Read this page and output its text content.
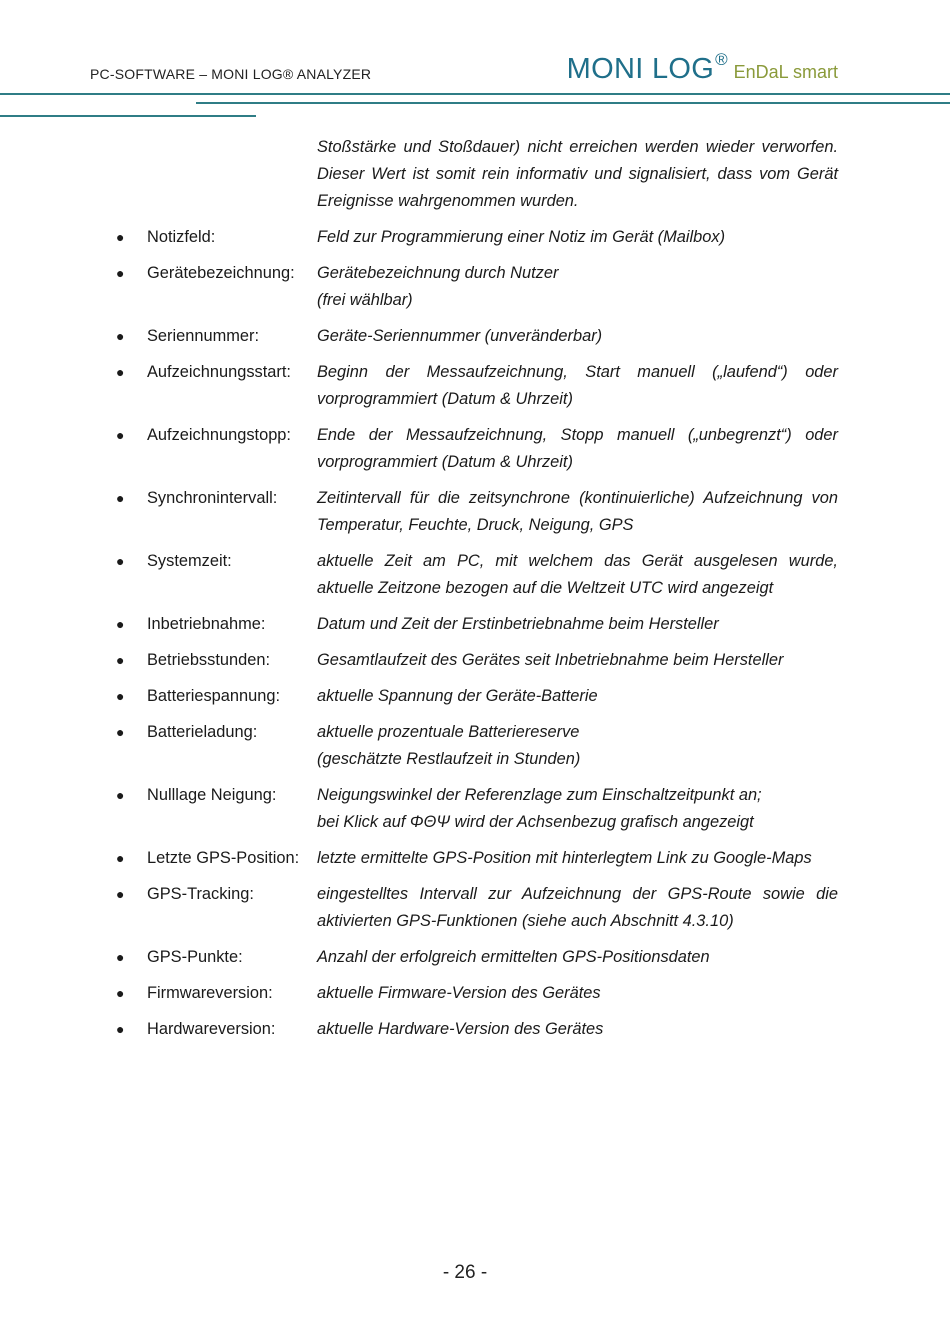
PC-SOFTWARE – MONI LOG® ANALYZER	MONI LOG®EnDaL smart

Stoßstärke und Stoßdauer) nicht erreichen werden wieder verworfen. Dieser Wert ist somit rein informativ und signalisiert, dass vom Gerät Ereignisse wahrgenommen wurden.

●	Notizfeld:	Feld zur Programmierung einer Notiz im Gerät (Mailbox)
●	Gerätebezeichnung:	Gerätebezeichnung durch Nutzer
(frei wählbar)
●	Seriennummer:	Geräte-Seriennummer (unveränderbar)
●	Aufzeichnungsstart:	Beginn der Messaufzeichnung, Start manuell („laufend“) oder vorprogrammiert (Datum & Uhrzeit)
●	Aufzeichnungstopp:	Ende der Messaufzeichnung, Stopp manuell („unbegrenzt“) oder vorprogrammiert (Datum & Uhrzeit)
●	Synchronintervall:	Zeitintervall für die zeitsynchrone (kontinuierliche) Aufzeichnung von Temperatur, Feuchte, Druck, Neigung, GPS
●	Systemzeit:	aktuelle Zeit am PC, mit welchem das Gerät ausgelesen wurde, aktuelle Zeitzone bezogen auf die Weltzeit UTC wird angezeigt
●	Inbetriebnahme:	Datum und Zeit der Erstinbetriebnahme beim Hersteller
●	Betriebsstunden:	Gesamtlaufzeit des Gerätes seit Inbetriebnahme beim Hersteller
●	Batteriespannung:	aktuelle Spannung der Geräte-Batterie
●	Batterieladung:	aktuelle prozentuale Batteriereserve
(geschätzte Restlaufzeit in Stunden)
●	Nulllage Neigung:	Neigungswinkel der Referenzlage zum Einschaltzeitpunkt an;
bei Klick auf ΦΘΨ wird der Achsenbezug grafisch angezeigt
●	Letzte GPS-Position:	letzte ermittelte GPS-Position mit hinterlegtem Link zu Google-Maps
●	GPS-Tracking:	eingestelltes Intervall zur Aufzeichnung der GPS-Route sowie die aktivierten GPS-Funktionen (siehe auch Abschnitt 4.3.10)
●	GPS-Punkte:	Anzahl der erfolgreich ermittelten GPS-Positionsdaten
●	Firmwareversion:	aktuelle Firmware-Version des Gerätes
●	Hardwareversion:	aktuelle Hardware-Version des Gerätes
- 26 -
